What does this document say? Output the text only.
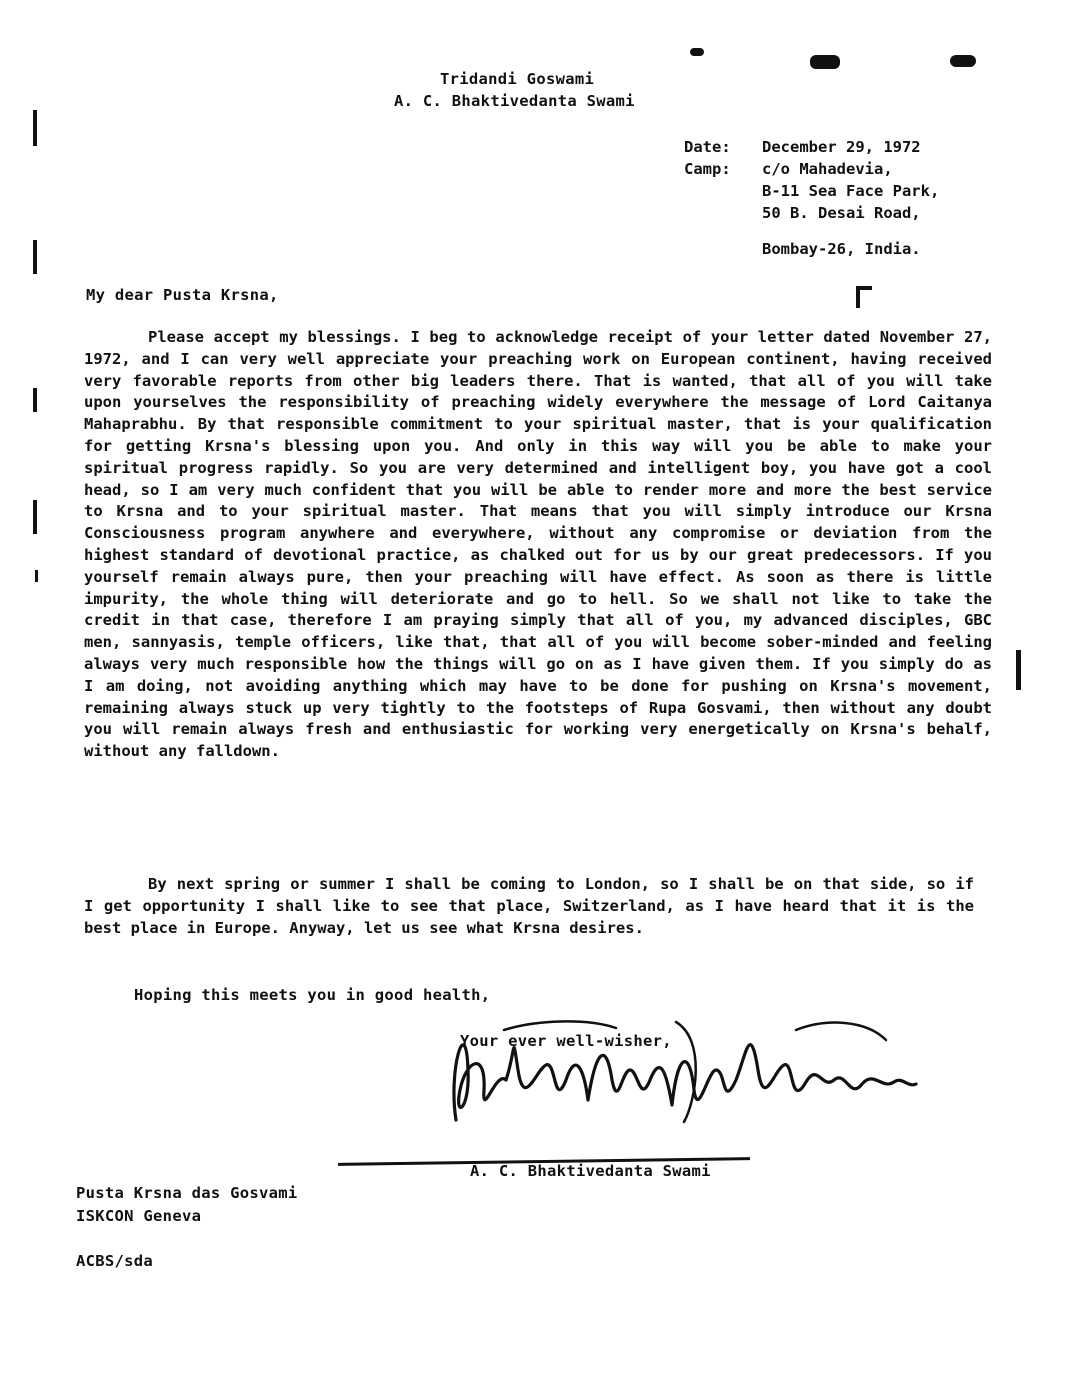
Tridandi Goswami
A. C. Bhaktivedanta Swami
Date: December 29, 1972
Camp: c/o Mahadevia,
B-11 Sea Face Park,
50 B. Desai Road,
Bombay-26, India.
My dear Pusta Krsna,

Please accept my blessings. I beg to acknowledge receipt of your letter dated November 27, 1972, and I can very well appreciate your preaching work on European continent, having received very favorable reports from other big leaders there. That is wanted, that all of you will take upon yourselves the responsibility of preaching widely everywhere the message of Lord Caitanya Mahaprabhu. By that responsible commitment to your spiritual master, that is your qualification for getting Krsna's blessing upon you. And only in this way will you be able to make your spiritual progress rapidly. So you are very determined and intelligent boy, you have got a cool head, so I am very much confident that you will be able to render more and more the best service to Krsna and to your spiritual master. That means that you will simply introduce our Krsna Consciousness program anywhere and everywhere, without any compromise or deviation from the highest standard of devotional practice, as chalked out for us by our great predecessors. If you yourself remain always pure, then your preaching will have effect. As soon as there is little impurity, the whole thing will deteriorate and go to hell. So we shall not like to take the credit in that case, therefore I am praying simply that all of you, my advanced disciples, GBC men, sannyasis, temple officers, like that, that all of you will become sober-minded and feeling always very much responsible how the things will go on as I have given them. If you simply do as I am doing, not avoiding anything which may have to be done for pushing on Krsna's movement, remaining always stuck up very tightly to the footsteps of Rupa Gosvami, then without any doubt you will remain always fresh and enthusiastic for working very energetically on Krsna's behalf, without any falldown.

By next spring or summer I shall be coming to London, so I shall be on that side, so if I get opportunity I shall like to see that place, Switzerland, as I have heard that it is the best place in Europe. Anyway, let us see what Krsna desires.

Hoping this meets you in good health,
Your ever well-wisher,
A. C. Bhaktivedanta Swami
Pusta Krsna das Gosvami
ISKCON Geneva
ACBS/sda
